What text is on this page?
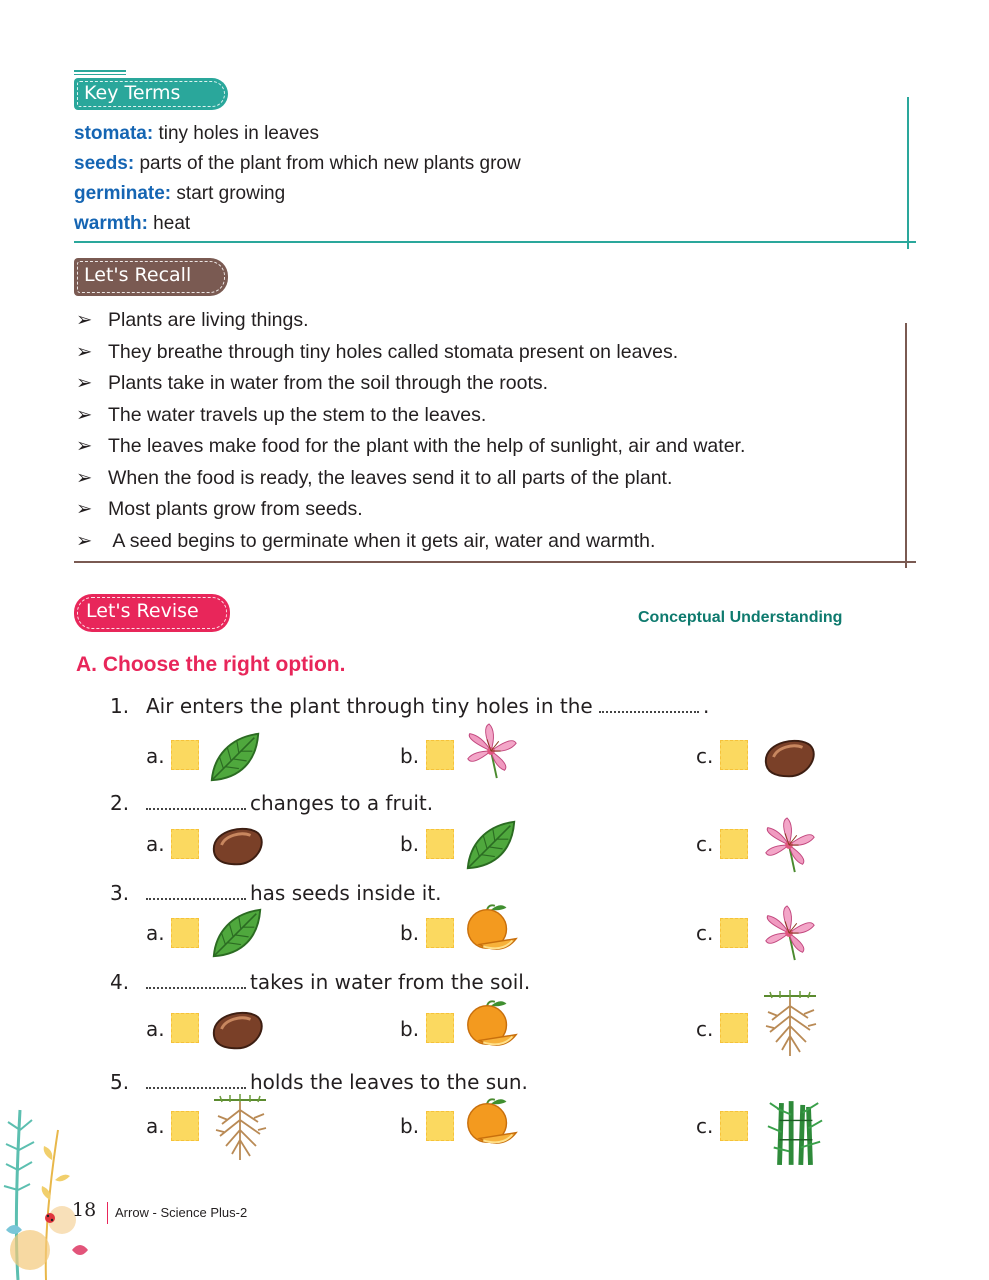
Key Terms
stomata: tiny holes in leaves
seeds: parts of the plant from which new plants grow
germinate: start growing
warmth: heat
Let's Recall
➢ Plants are living things.
➢ They breathe through tiny holes called stomata present on leaves.
➢ Plants take in water from the soil through the roots.
➢ The water travels up the stem to the leaves.
➢ The leaves make food for the plant with the help of sunlight, air and water.
➢ When the food is ready, the leaves send it to all parts of the plant.
➢ Most plants grow from seeds.
➢ A seed begins to germinate when it gets air, water and warmth.
Let's Revise	Conceptual Understanding
A. Choose the right option.
1. Air enters the plant through tiny holes in the	.
a.	b.	c.
2.	changes to a fruit.
a.	b.	c.
3.	has seeds inside it.
a.	b.	c.
4.	takes in water from the soil.
a.	b.	c.
5.	holds the leaves to the sun.
a.	b.	c.
18 Arrow - Science Plus-2
